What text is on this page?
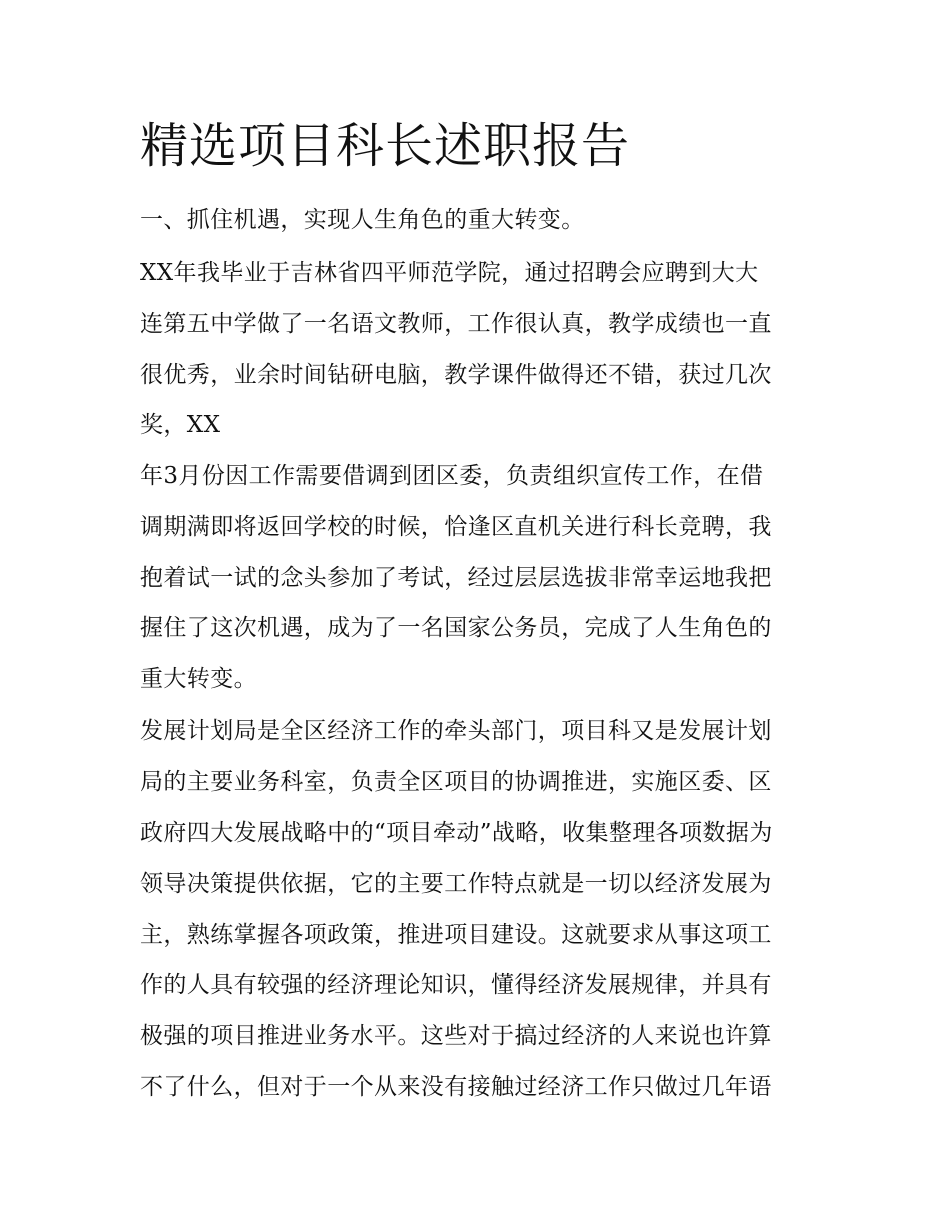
精选项目科长述职报告

一、抓住机遇，实现人生角色的重大转变。

XX年我毕业于吉林省四平师范学院，通过招聘会应聘到大大

连第五中学做了一名语文教师，工作很认真，教学成绩也一直

很优秀，业余时间钻研电脑，教学课件做得还不错，获过几次

奖，XX

年3月份因工作需要借调到团区委，负责组织宣传工作，在借

调期满即将返回学校的时候，恰逢区直机关进行科长竞聘，我

抱着试一试的念头参加了考试，经过层层选拔非常幸运地我把

握住了这次机遇，成为了一名国家公务员，完成了人生角色的

重大转变。

发展计划局是全区经济工作的牵头部门，项目科又是发展计划

局的主要业务科室，负责全区项目的协调推进，实施区委、区

政府四大发展战略中的“项目牵动”战略，收集整理各项数据为

领导决策提供依据，它的主要工作特点就是一切以经济发展为

主，熟练掌握各项政策，推进项目建设。这就要求从事这项工

作的人具有较强的经济理论知识，懂得经济发展规律，并具有

极强的项目推进业务水平。这些对于搞过经济的人来说也许算

不了什么，但对于一个从来没有接触过经济工作只做过几年语
